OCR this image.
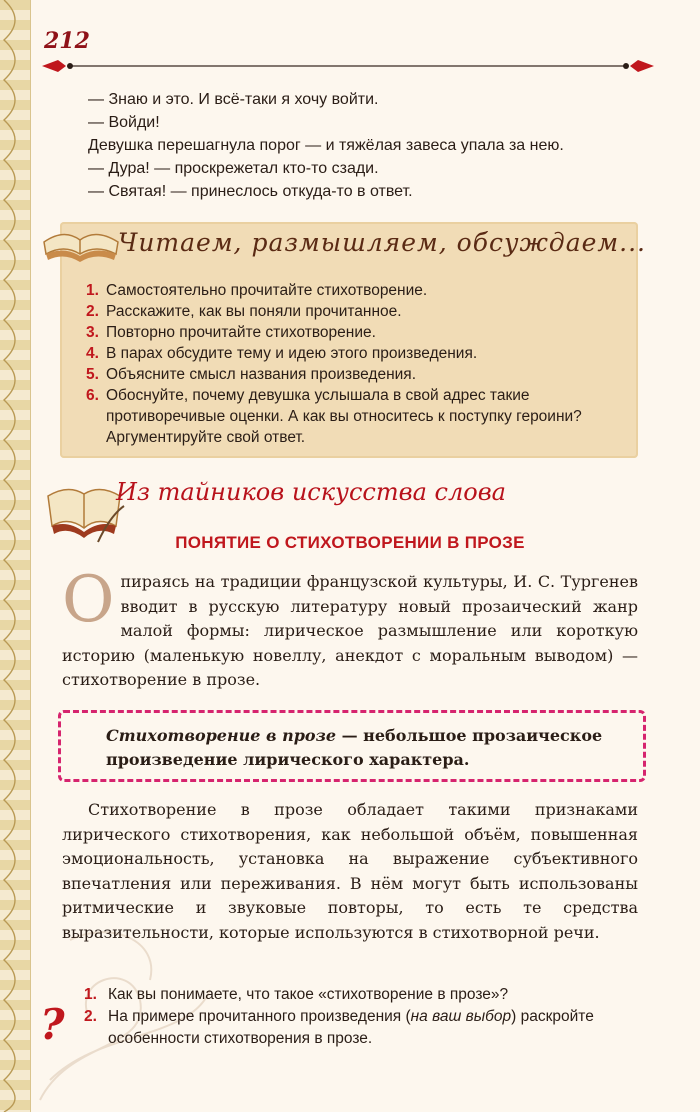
212
— Знаю и это. И всё-таки я хочу войти.
— Войди!
Девушка перешагнула порог — и тяжёлая завеса упала за нею.
— Дура! — проскрежетал кто-то сзади.
— Святая! — принеслось откуда-то в ответ.
Читаем, размышляем, обсуждаем...
1. Самостоятельно прочитайте стихотворение.
2. Расскажите, как вы поняли прочитанное.
3. Повторно прочитайте стихотворение.
4. В парах обсудите тему и идею этого произведения.
5. Объясните смысл названия произведения.
6. Обоснуйте, почему девушка услышала в свой адрес такие противоречивые оценки. А как вы относитесь к поступку героини? Аргументируйте свой ответ.
Из тайников искусства слова
ПОНЯТИЕ О СТИХОТВОРЕНИИ В ПРОЗЕ
Опираясь на традиции французской культуры, И. С. Тургенев вводит в русскую литературу новый прозаический жанр малой формы: лирическое размышление или короткую историю (маленькую новеллу, анекдот с моральным выводом) — стихотворение в прозе.
Стихотворение в прозе — небольшое прозаическое произведение лирического характера.
Стихотворение в прозе обладает такими признаками лирического стихотворения, как небольшой объём, повышенная эмоциональность, установка на выражение субъективного впечатления или переживания. В нём могут быть использованы ритмические и звуковые повторы, то есть те средства выразительности, которые используются в стихотворной речи.
?
1. Как вы понимаете, что такое «стихотворение в прозе»?
2. На примере прочитанного произведения (на ваш выбор) раскройте особенности стихотворения в прозе.
